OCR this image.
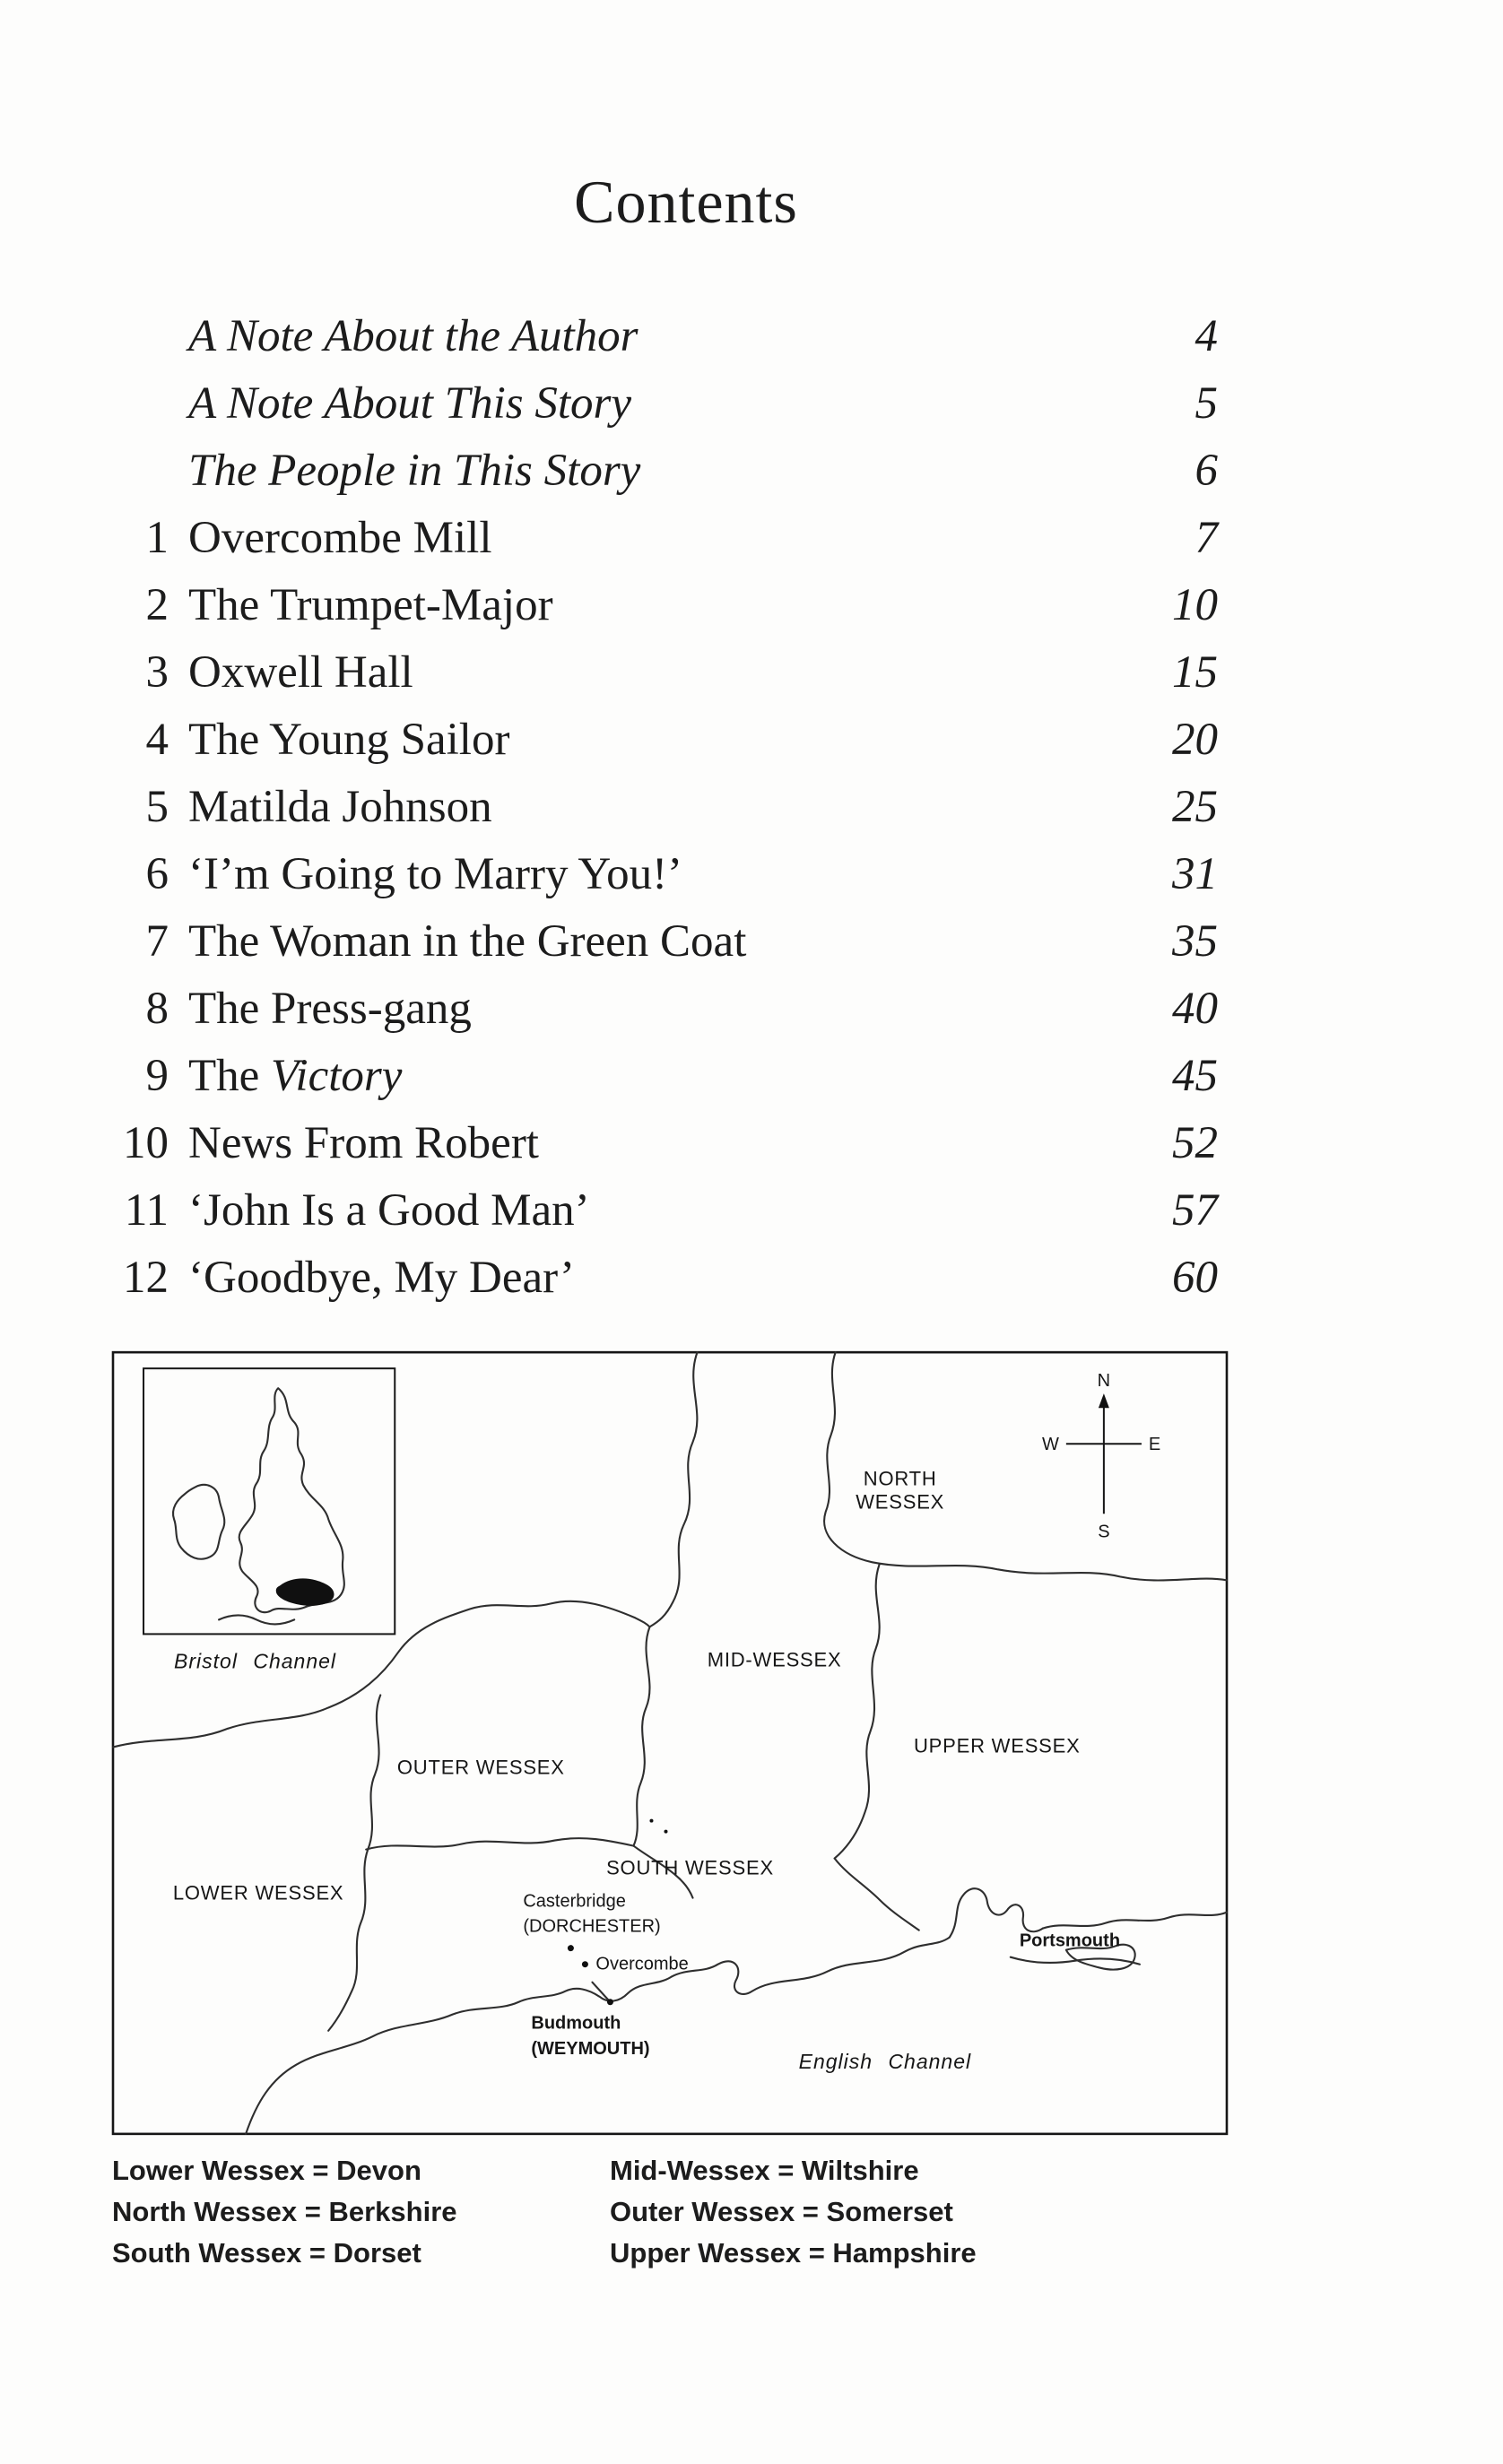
Contents
A Note About the Author	4
A Note About This Story	5
The People in This Story	6
1 Overcombe Mill	7
2 The Trumpet-Major	10
3 Oxwell Hall	15
4 The Young Sailor	20
5 Matilda Johnson	25
6 ‘I’m Going to Marry You!’	31
7 The Woman in the Green Coat	35
8 The Press-gang	40
9 The Victory	45
10 News From Robert	52
11 ‘John Is a Good Man’	57
12 ‘Goodbye, My Dear’	60
N
S
W	E
Bristol Channel
NORTH
WESSEX
MID-WESSEX
UPPER WESSEX
OUTER WESSEX
LOWER WESSEX
SOUTH WESSEX
Casterbridge
(DORCHESTER)
Overcombe
Budmouth
(WEYMOUTH)
Portsmouth
English Channel
Lower Wessex = Devon
North Wessex = Berkshire
South Wessex = Dorset
Mid-Wessex = Wiltshire
Outer Wessex = Somerset
Upper Wessex = Hampshire
